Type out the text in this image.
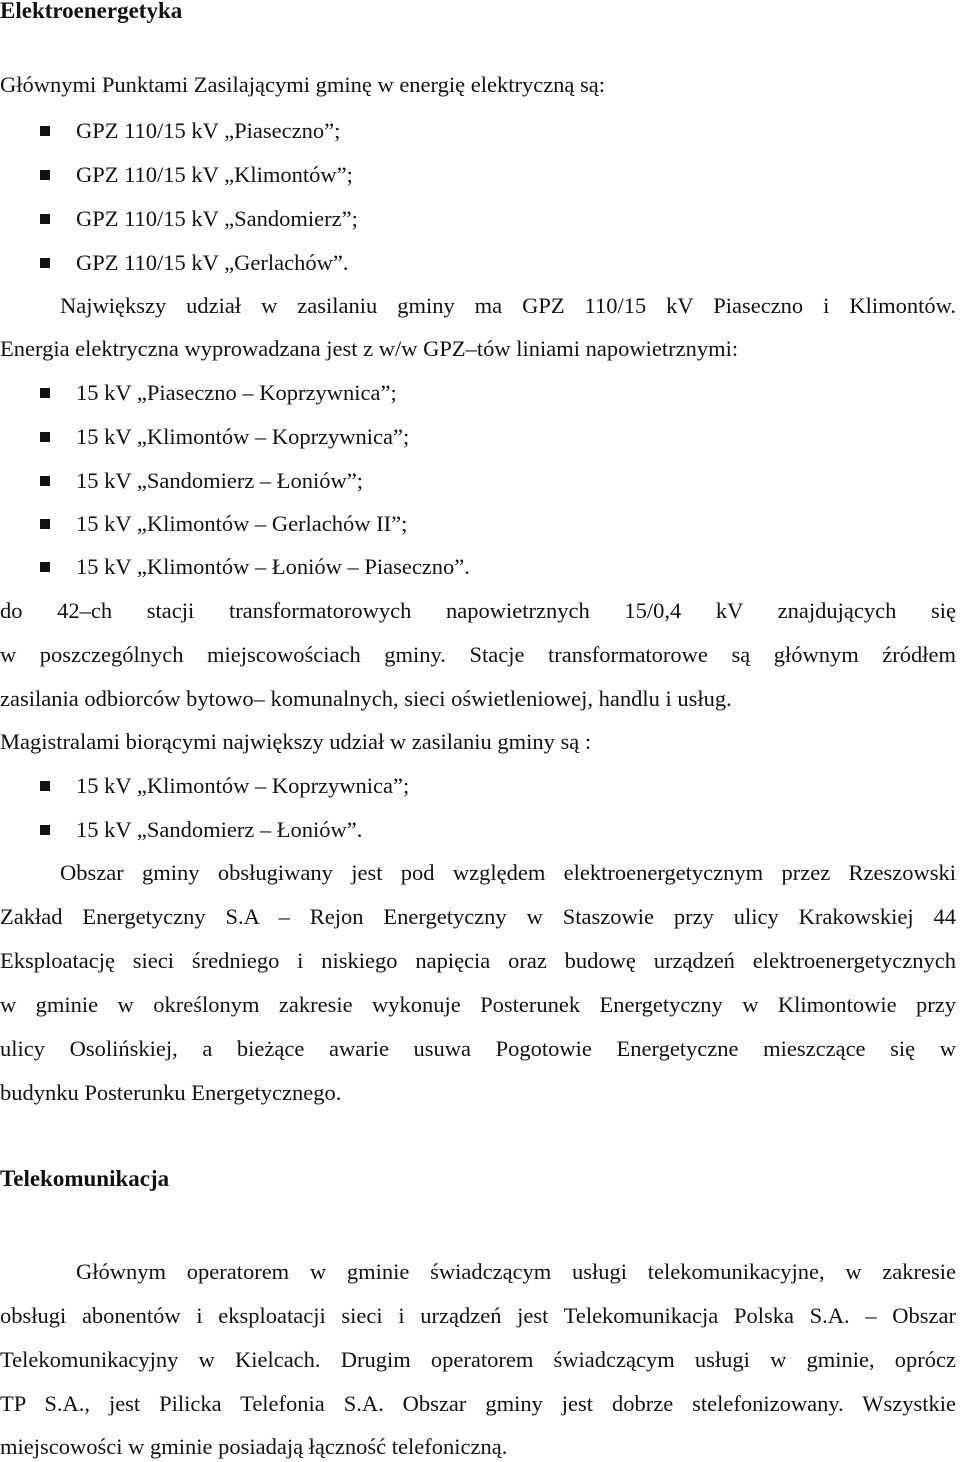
Elektroenergetyka
Głównymi Punktami Zasilającymi gminę w energię elektryczną są:
GPZ 110/15 kV „Piaseczno”;
GPZ 110/15 kV „Klimontów”;
GPZ 110/15 kV „Sandomierz”;
GPZ 110/15 kV „Gerlachów”.
Największy udział w zasilaniu gminy ma GPZ 110/15 kV Piaseczno i Klimontów.
Energia elektryczna wyprowadzana jest z w/w GPZ–tów liniami napowietrznymi:
15 kV „Piaseczno – Koprzywnica”;
15 kV „Klimontów – Koprzywnica”;
15 kV „Sandomierz – Łoniów”;
15 kV „Klimontów – Gerlachów II”;
15 kV „Klimontów – Łoniów – Piaseczno”.
do 42–ch stacji transformatorowych napowietrznych 15/0,4 kV znajdujących się
w poszczególnych miejscowościach gminy. Stacje transformatorowe są głównym źródłem
zasilania odbiorców bytowo– komunalnych, sieci oświetleniowej, handlu i usług.
Magistralami biorącymi największy udział w zasilaniu gminy są :
15 kV „Klimontów – Koprzywnica”;
15 kV „Sandomierz – Łoniów”.
Obszar gminy obsługiwany jest pod względem elektroenergetycznym przez Rzeszowski
Zakład Energetyczny S.A – Rejon Energetyczny w Staszowie przy ulicy Krakowskiej 44
Eksploatację sieci średniego i niskiego napięcia oraz budowę urządzeń elektroenergetycznych
w gminie w określonym zakresie wykonuje Posterunek Energetyczny w Klimontowie przy
ulicy Osolińskiej, a bieżące awarie usuwa Pogotowie Energetyczne mieszczące się w
budynku Posterunku Energetycznego.
Telekomunikacja
Głównym operatorem w gminie świadczącym usługi telekomunikacyjne, w zakresie
obsługi abonentów i eksploatacji sieci i urządzeń jest Telekomunikacja Polska S.A. – Obszar
Telekomunikacyjny w Kielcach. Drugim operatorem świadczącym usługi w gminie, oprócz
TP S.A., jest Pilicka Telefonia S.A. Obszar gminy jest dobrze stelefonizowany. Wszystkie
miejscowości w gminie posiadają łączność telefoniczną.
